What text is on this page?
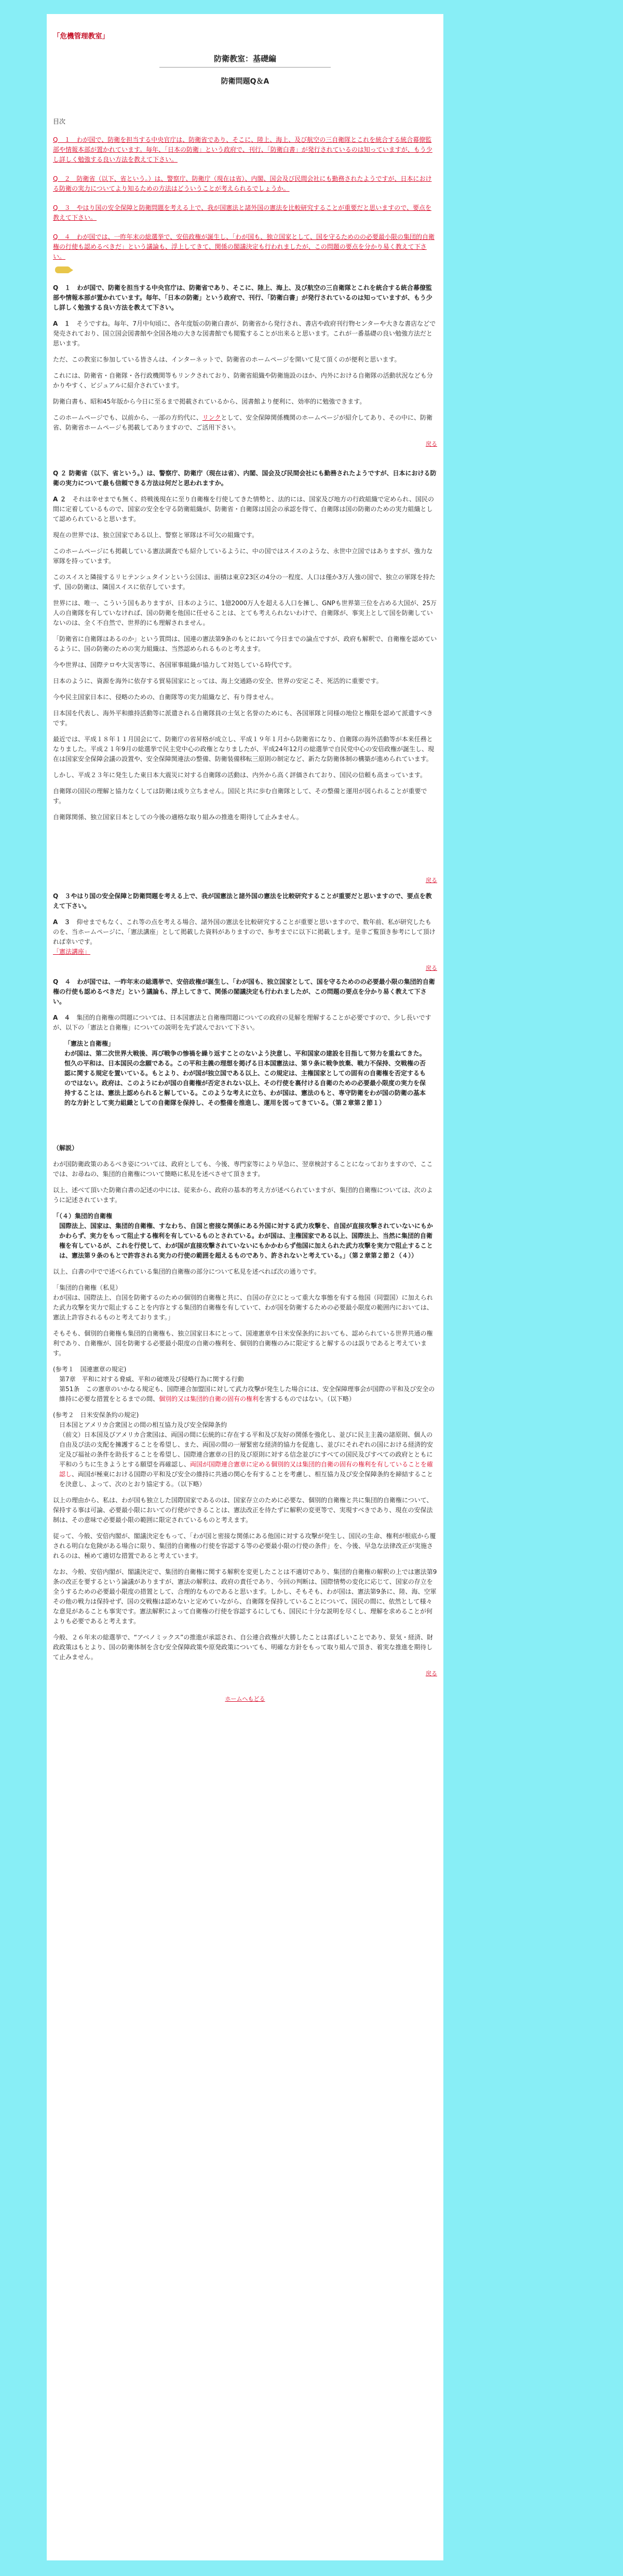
「危機管理教室」
防衛教室：基礎編
防衛問題Q＆A
目次
Q　１　わが国で、防衛を担当する中央官庁は、防衛省であり、そこに、陸上、海上、及び航空の三自衛隊とこれを統合する統合幕僚監部や情報本部が置かれています。毎年、「日本の防衛」という政府で、刊行、「防衛白書」が発行されているのは知っていますが、もう少し詳しく勉強する良い方法を教えて下さい。
Q　２　防衛省（以下、省という。）は、警察庁、防衛庁（現在は省）、内閣、国会及び民間会社にも勤務されたようですが、日本における防衛の実力についてより知るための方法はどういうことが考えられるでしょうか。
Q　３　やはり国の安全保障と防衛問題を考える上で、我が国憲法と諸外国の憲法を比較研究することが重要だと思いますので、要点を教えて下さい。
Q　４　わが国では、一昨年末の総選挙で、安倍政権が誕生し、「わが国も、独立国家として、国を守るためのの必要最小限の集団的自衛権の行使も認めるべきだ」という議論も、浮上してきて、関係の閣議決定も行われましたが、この問題の要点を分かり易く教えて下さい。
Q　１　わが国で、防衛を担当する中央官庁は、防衛省であり、そこに、陸上、海上、及び航空の三自衛隊とこれを統合する統合幕僚監部や情報本部が置かれています。毎年、「日本の防衛」という政府で、刊行、「防衛白書」が発行されているのは知っていますが、もう少し詳しく勉強する良い方法を教えて下さい。

A　１　 そうですね。毎年、7月中旬頃に、各年度版の防衛白書が、防衛省から発行され、書店や政府刊行物センターや大きな書店などで発売されており、国立国会図書館や全国各地の大きな図書館でも閲覧することが出来ると思います。これが一番基礎の良い勉強方法だと思います。

ただ、この教室に参加している皆さんは、インターネットで、防衛省のホームページを開いて見て頂くのが便利と思います。

これには、防衛省・自衛隊・各行政機関等もリンクされており、防衛省組織や防衛施設のほか、内外における自衛隊の活動状況なども分かりやすく、ビジュアルに紹介されています。

防衛白書も、昭和45年版から今日に至るまで掲載されているから、図書館より便利に、効率的に勉強できます。

このホームページでも、以前から、一部の方約代に、リンクとして、安全保障関係機関のホームページが紹介してあり、その中に、防衛省、防衛省ホームページも掲載してありますので、ご活用下さい。

戻る
Q ２ 防衛省（以下、省という。）は、警察庁、防衛庁（現在は省）、内閣、国会及び民間会社にも勤務されたようですが、日本における防衛の実力について最も信頼できる方法は何だと思われますか。

A ２　 それは幸せまでも無く、終戦後現在に至り自衛権を行使してきた情勢と、法的には、国家及び地方の行政組織で定められ、国民の間に定着しているもので、国家の安全を守る防衛組織が、防衛省・自衛隊は国会の承認を得て、自衛隊は国の防衛のための実力組織として認められていると思います。

現在の世界では、独立国家である以上、警察と軍隊は不可欠の組織です。

このホームページにも掲載している憲法調査でも紹介しているように、中の国ではスイスのような、永世中立国ではありますが、強力な軍隊を持っています。

このスイスと隣接するリヒテンシュタインという公国は、面積は東京23区の4分の一程度、人口は僅か3万人強の国で、独立の軍隊を持たず、国の防衛は、隣国スイスに依存しています。

世界には、唯一、こういう国もありますが、日本のように、1億2000万人を超える人口を擁し、GNPも世界第三位を占める大国が、25万人の自衛隊を有していなければ、国の防衛を他国に任せることは、とても考えられないわけで、自衛隊が、事実上として国を防衛していないのは、全く不自然で、世界的にも理解されません。

「防衛省に自衛隊はあるのか」という質問は、国連の憲法第9条のもとにおいて今日までの論点ですが、政府も解釈で、自衛権を認めているように、国の防衛のための実力組織は、当然認められるものと考えます。

今や世界は、国際テロや大災害等に、各国軍事組織が協力して対処している時代です。

日本のように、資源を海外に依存する貿易国家にとっては、海上交通路の安全、世界の安定こそ、死活的に重要です。

今や民主国家日本に、侵略のための、自衛隊等の実力組織など、有り得ません。

日本国を代表し、海外平和維持活動等に派遣される自衛隊員の士気と名誉のためにも、各国軍隊と同様の地位と権限を認めて派遣すべきです。

最近では、平成１８年１１月国会にて、防衛庁の省昇格が成立し、平成１９年１月から防衛省になり、自衛隊の海外活動等が本来任務となりました。平成２１年9月の総選挙で民主党中心の政権となりましたが、平成24年12月の総選挙で自民党中心の安倍政権が誕生し、現在は国家安全保障会議の設置や、安全保障関連法の整備、防衛装備移転三原則の制定など、新たな防衛体制の構築が進められています。

しかし、平成２３年に発生した東日本大震災に対する自衛隊の活動は、内外から高く評価されており、国民の信頼も高まっています。

自衛隊の国民の理解と協力なくしては防衛は成り立ちません。国民と共に歩む自衛隊として、その整備と運用が図られることが重要です。

自衛隊関係、独立国家日本としての今後の適格な取り組みの推進を期待して止みません。

戻る
Q　３やはり国の安全保障と防衛問題を考える上で、我が国憲法と諸外国の憲法を比較研究することが重要だと思いますので、要点を教えて下さい。

A　３　 仰せまでもなく、これ等の点を考える場合、諸外国の憲法を比較研究することが重要と思いますので、数年前、私が研究したものを、当ホームページに、「憲法講座」として掲載した資料がありますので、参考までに以下に掲載します。是非ご覧頂き参考にして頂ければ幸いです。
「憲法講座」

戻る
Q　４　わが国では、一昨年末の総選挙で、安倍政権が誕生し、「わが国も、独立国家として、国を守るためのの必要最小限の集団的自衛権の行使も認めるべきだ」という議論も、浮上してきて、関係の閣議決定も行われましたが、この問題の要点を分かり易く教えて下さい。

A　４　 集団的自衛権の問題については、日本国憲法と自衛権問題についての政府の見解を理解することが必要ですので、少し長いですが、以下の「憲法と自衛権」についての説明を先ず読んでおいて下さい。

「憲法と自衛権」
わが国は、第二次世界大戦後、再び戦争の惨禍を繰り返すことのないよう決意し、平和国家の建設を目指して努力を重ねてきた。恒久の平和は、日本国民の念願である。この平和主義の理想を掲げる日本国憲法は、第９条に戦争放棄、戦力不保持、交戦権の否認に関する規定を置いている。もとより、わが国が独立国である以上、この規定は、主権国家としての固有の自衛権を否定するものではない。政府は、このようにわが国の自衛権が否定されない以上、その行使を裏付ける自衛のための必要最小限度の実力を保持することは、憲法上認められると解している。このような考えに立ち、わが国は、憲法のもと、専守防衛をわが国の防衛の基本的な方針として実力組織としての自衛隊を保持し、その整備を推進し、運用を図ってきている。（第２章第２節１）

（解説）

わが国防衛政策のあるべき姿については、政府としても、今後、専門家等により早急に、翌章検討することになっておりますので、ここでは、お尋ねの、集団的自衛権について簡略に私見を述べさせて頂きます。

以上、述べて頂いた防衛白書の記述の中には、従来から、政府の基本的考え方が述べられていますが、集団的自衛権については、次のように記述されています。

「（４）集団的自衛権

国際法上、国家は、集団的自衛権、すなわち、自国と密接な関係にある外国に対する武力攻撃を、自国が直接攻撃されていないにもかかわらず、実力をもって阻止する権利を有しているものとされている。わが国は、主権国家である以上、国際法上、当然に集団的自衛権を有しているが、これを行使して、わが国が直接攻撃されていないにもかかわらず他国に加えられた武力攻撃を実力で阻止することは、憲法第９条のもとで許容される実力の行使の範囲を超えるものであり、許されないと考えている。」（第２章第２節２（４））

以上、白書の中でで述べられている集団的自衛権の部分について私見を述べれば次の通りです。

「集団的自衛権（私見）

わが国は、国際法上、自国を防衛するのための個別的自衛権と共に、自国の存立にとって重大な事態を有する他国（同盟国）に加えられた武力攻撃を実力で阻止することを内容とする集団的自衛権を有していて、わが国を防衛するための必要最小限度の範囲内においては、憲法上許容されるものと考えております。」

そもそも、個別的自衛権も集団的自衛権も、独立国家日本にとって、国連憲章や日米安保条約においても、認められている世界共通の権利であり、自衛権が、国を防衛する必要最小限度の自衛の権利を、個別的自衛権のみに限定すると解するのは誤りであると考えています。

(参考１　国連憲章の規定)
第7章　平和に対する脅威、平和の破壊及び侵略行為に関する行動

第51条　この憲章のいかなる規定も、国際連合加盟国に対して武力攻撃が発生した場合には、安全保障理事会が国際の平和及び安全の維持に必要な措置をとるまでの間、個別的又は集団的自衛の固有の権利を害するものではない。（以下略）

(参考２　日米安保条約の規定)
日本国とアメリカ合衆国との間の相互協力及び安全保障条約

（前文）日本国及びアメリカ合衆国は、両国の間に伝統的に存在する平和及び友好の関係を強化し、並びに民主主義の諸原則、個人の自由及び法の支配を擁護することを希望し、また、両国の間の一層緊密な経済的協力を促進し、並びにそれぞれの国における経済的安定及び福祉の条件を助長することを希望し、国際連合憲章の目的及び原則に対する信念並びにすべての国民及びすべての政府とともに平和のうちに生きようとする願望を再確認し、両国が国際連合憲章に定める個別的又は集団的自衛の固有の権利を有していることを確認し、両国が極東における国際の平和及び安全の維持に共通の関心を有することを考慮し、相互協力及び安全保障条約を締結することを決意し、よって、次のとおり協定する。（以下略）

以上の理由から、私は、わが国も独立した国際国家であるのは、国家存立のために必要な、個別的自衛権と共に集団的自衛権について、保持する事は可論、必要最小限においての行使ができることは、憲法改正を待たずに解釈の変更等で、実現すべきであり、現在の安保法制は、その意味で必要最小限の範囲に限定されているものと考えます。

従って、今般、安倍内閣が、閣議決定をもって、「わが国と密接な関係にある他国に対する攻撃が発生し、国民の生命、権利が根底から覆される明白な危険がある場合に限り、集団的自衛権の行使を容認する等の必要最小限の行使の条件」を、今後、早急な法律改正が実施されるのは、極めて適切な措置であると考えています。

なお、今般、安倍内閣が、閣議決定で、集団的自衛権に関する解釈を変更したことは不適切であり、集団的自衛権の解釈の上では憲法第9条の改正を要するという論議がありますが、憲法の解釈は、政府の責任であり、今回の判断は、国際情勢の変化に応じて、国家の存立を全うするための必要最小限度の措置として、合理的なものであると思います。しかし、そもそも、わが国は、憲法第9条に、陸、海、空軍その他の戦力は保持せず、国の交戦権は認めないと定めていながら、自衛隊を保持していることについて、国民の間に、依然として様々な意見があることも事実です。憲法解釈によって自衛権の行使を容認するにしても、国民に十分な説明を尽くし、理解を求めることが何よりも必要であると考えます。

今般、２６年末の総選挙で、“アベノミックス”の推進が承認され、自公連合政権が大勝したことは喜ばしいことであり、景気・経済、財政政策はもとより、国の防衛体制を含む安全保障政策や原発政策についても、明確な方針をもって取り組んで頂き、着実な推進を期待して止みません。

戻る
ホームへもどる
